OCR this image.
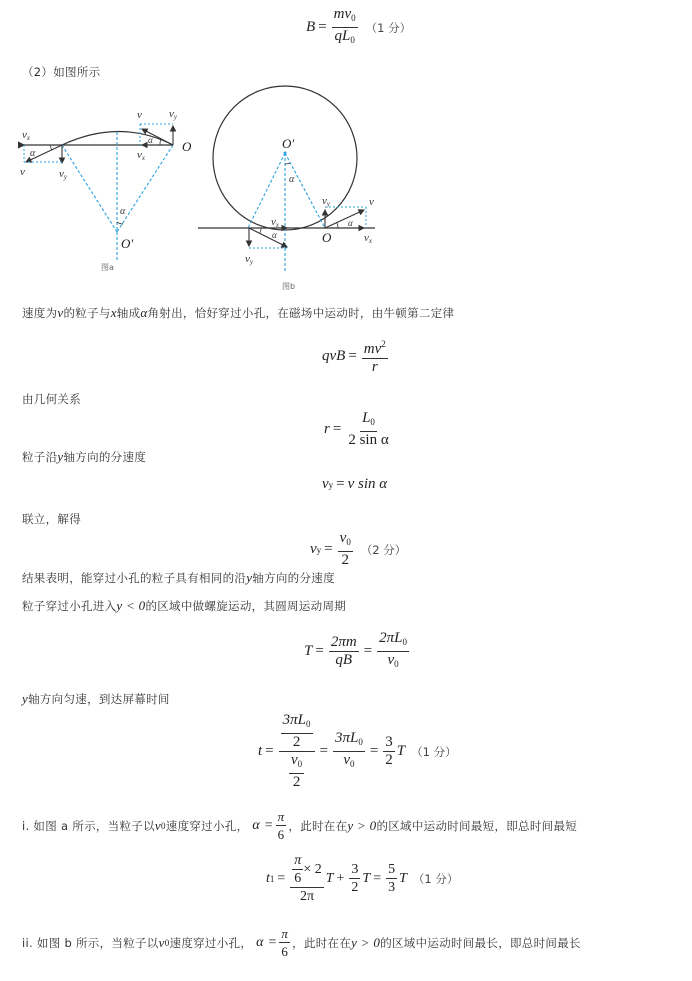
$B = \frac{mv_0}{qL_0} (1$ 分）
（2）如图所示
vx
α
v	vy
v vy
α
vx
O
α
O′
图a
O′
α
vx
α
vy
vy	v
α
O	vx
图b
速度为v的粒子与x轴成α角射出，恰好穿过小孔，在磁场中运动时，由牛顿第二定律
qvB = $\frac{mv^2}{r}$
由几何关系
$r = \frac{L_0}{\text{2 sin α}}$
粒子沿y轴方向的分速度
v y = v sin α
联立，解得
v $y = \frac{v_0}{2} (2$ 分）
结果表明，能穿过小孔的粒子具有相同的沿y轴方向的分速度
粒子穿过小孔进入y < 0的区域中做螺旋运动，其圆周运动周期
$T = \frac{2\pi m}{qB} = \frac{2\pi L_0}{v_0}$
y轴方向匀速，到达屏幕时间
$t = \frac{\frac{3\pi L_0}{2}}{\frac{v_0}{2}} = \frac{3\pi L_0}{v_0} = \frac{3}{2}$ T （1 分）
i. 如图 a 所示，当粒子以 v 0 速度穿过小孔， $\alpha = \frac{\pi}{6}$ ，此时在在 y > 0 的区域中运动时间最短，即总时间最短
t $1 = \frac{\frac{\pi}{6} \times 2}{2\pi}$ $T + \frac{3}{2}$ $T = \frac{5}{3}$ T （1 分）
ii. 如图 b 所示，当粒子以 v 0 速度穿过小孔， $\alpha = \frac{\pi}{6}$ ，此时在在 y > 0 的区域中运动时间最长，即总时间最长
